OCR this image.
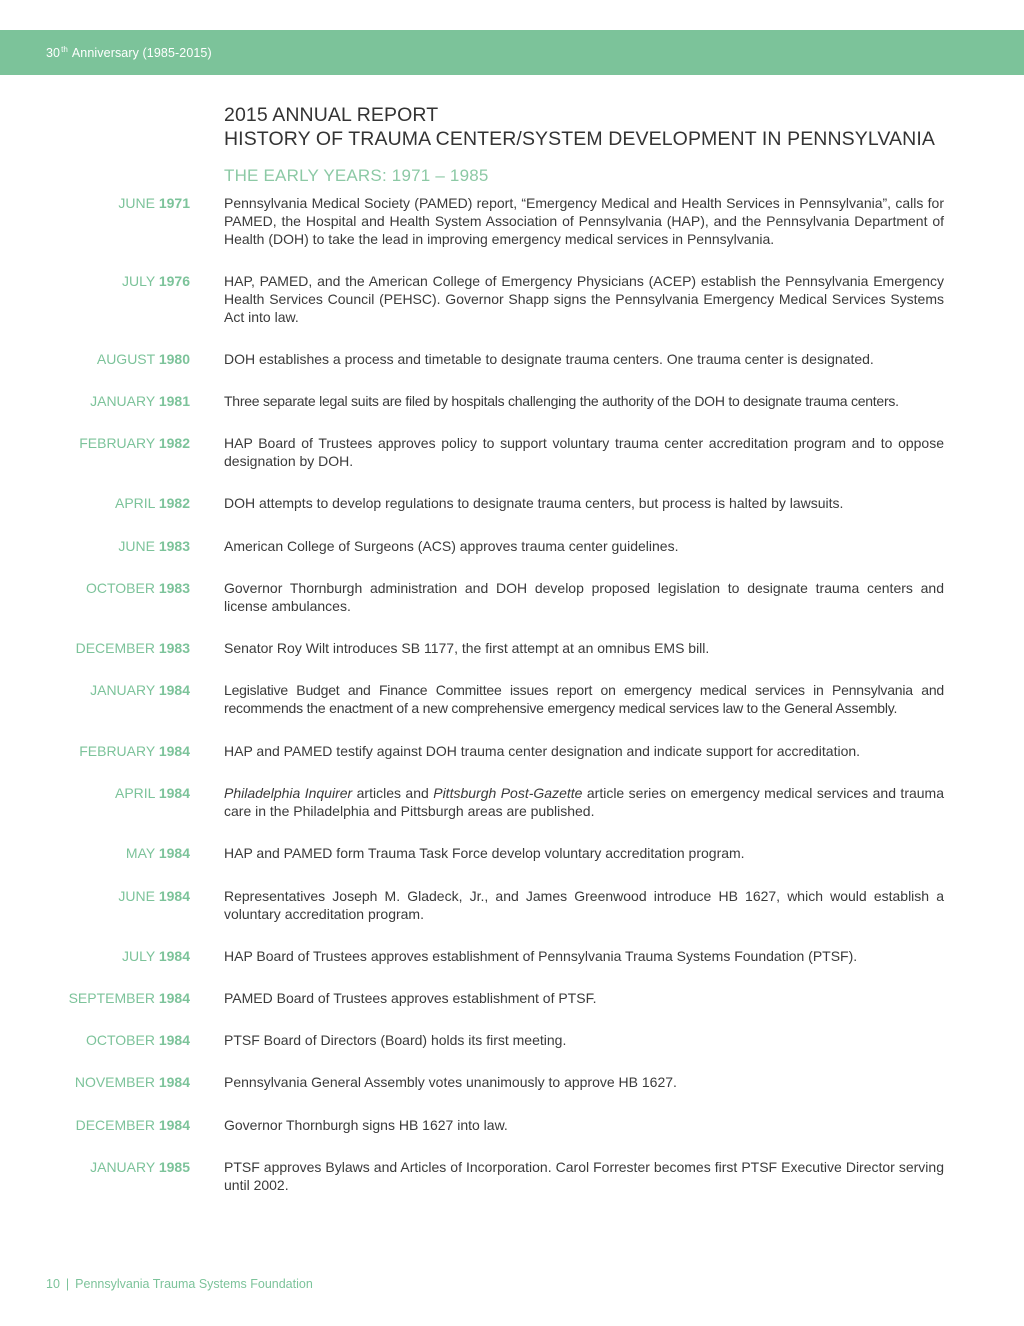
30th Anniversary (1985-2015)
2015 ANNUAL REPORT
HISTORY OF TRAUMA CENTER/SYSTEM DEVELOPMENT IN PENNSYLVANIA
THE EARLY YEARS: 1971 – 1985
JUNE 1971 Pennsylvania Medical Society (PAMED) report, “Emergency Medical and Health Services in Pennsylvania”, calls for PAMED, the Hospital and Health System Association of Pennsylvania (HAP), and the Pennsylvania Department of Health (DOH) to take the lead in improving emergency medical services in Pennsylvania.
JULY 1976 HAP, PAMED, and the American College of Emergency Physicians (ACEP) establish the Pennsylvania Emergency Health Services Council (PEHSC). Governor Shapp signs the Pennsylvania Emergency Medical Services Systems Act into law.
AUGUST 1980 DOH establishes a process and timetable to designate trauma centers. One trauma center is designated.
JANUARY 1981 Three separate legal suits are filed by hospitals challenging the authority of the DOH to designate trauma centers.
FEBRUARY 1982 HAP Board of Trustees approves policy to support voluntary trauma center accreditation program and to oppose designation by DOH.
APRIL 1982 DOH attempts to develop regulations to designate trauma centers, but process is halted by lawsuits.
JUNE 1983 American College of Surgeons (ACS) approves trauma center guidelines.
OCTOBER 1983 Governor Thornburgh administration and DOH develop proposed legislation to designate trauma centers and license ambulances.
DECEMBER 1983 Senator Roy Wilt introduces SB 1177, the first attempt at an omnibus EMS bill.
JANUARY 1984 Legislative Budget and Finance Committee issues report on emergency medical services in Pennsylvania and recommends the enactment of a new comprehensive emergency medical services law to the General Assembly.
FEBRUARY 1984 HAP and PAMED testify against DOH trauma center designation and indicate support for accreditation.
APRIL 1984 Philadelphia Inquirer articles and Pittsburgh Post-Gazette article series on emergency medical services and trauma care in the Philadelphia and Pittsburgh areas are published.
MAY 1984 HAP and PAMED form Trauma Task Force develop voluntary accreditation program.
JUNE 1984 Representatives Joseph M. Gladeck, Jr., and James Greenwood introduce HB 1627, which would establish a voluntary accreditation program.
JULY 1984 HAP Board of Trustees approves establishment of Pennsylvania Trauma Systems Foundation (PTSF).
SEPTEMBER 1984 PAMED Board of Trustees approves establishment of PTSF.
OCTOBER 1984 PTSF Board of Directors (Board) holds its first meeting.
NOVEMBER 1984 Pennsylvania General Assembly votes unanimously to approve HB 1627.
DECEMBER 1984 Governor Thornburgh signs HB 1627 into law.
JANUARY 1985 PTSF approves Bylaws and Articles of Incorporation. Carol Forrester becomes first PTSF Executive Director serving until 2002.
10 | Pennsylvania Trauma Systems Foundation
